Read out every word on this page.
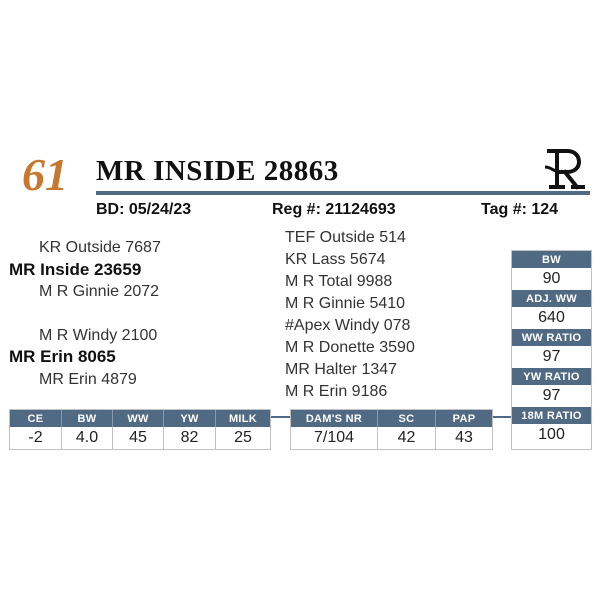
61 MR INSIDE 28863
BD: 05/24/23	Reg #: 21124693	Tag #: 124
KR Outside 7687
MR Inside 23659
M R Ginnie 2072
M R Windy 2100
MR Erin 8065
MR Erin 4879
TEF Outside 514
KR Lass 5674
M R Total 9988
M R Ginnie 5410
#Apex Windy 078
M R Donette 3590
MR Halter 1347
M R Erin 9186
BW
90
ADJ. WW
640
WW RATIO
97
YW RATIO
97
18M RATIO
100
CE
-2
BW
4.0
WW
45
YW
82
MILK
25
DAM'S NR
7/104
SC
42
PAP
43
